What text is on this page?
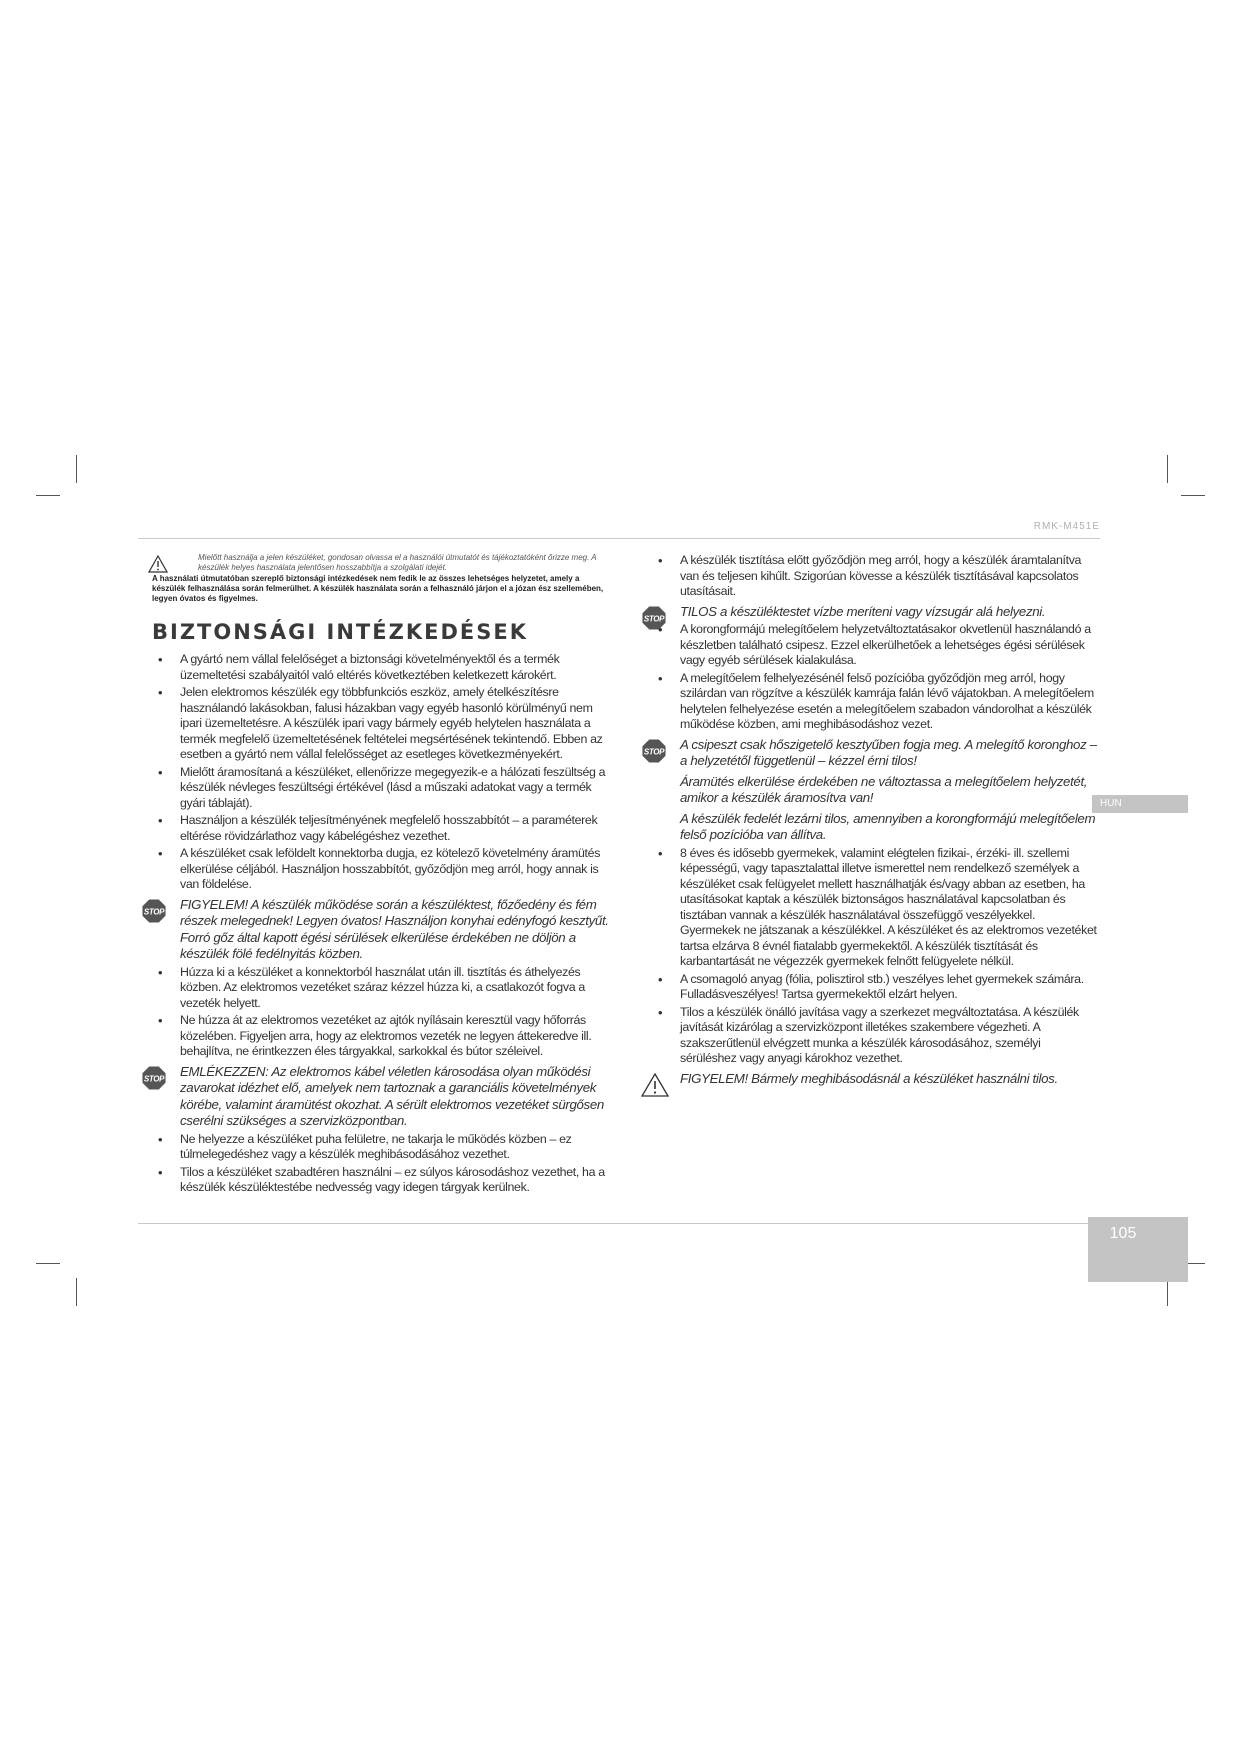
RMK-M451E
HUN
105
Mielőtt használja a jelen készüléket, gondosan olvassa el a használói útmutatót és tájékoztatóként őrizze meg. A készülék helyes használata jelentősen hosszabbítja a szolgálati idejét.
A használati útmutatóban szereplő biztonsági intézkedések nem fedik le az összes lehetséges helyzetet, amely a készülék felhasználása során felmerülhet. A készülék használata során a felhasználó járjon el a józan ész szellemében, legyen óvatos és figyelmes.
BIZTONSÁGI INTÉZKEDÉSEK
• A gyártó nem vállal felelőséget a biztonsági követelményektől és a termék üzemeltetési szabályaitól való eltérés következtében keletkezett károkért.
• Jelen elektromos készülék egy többfunkciós eszköz, amely ételkészítésre használandó lakásokban, falusi házakban vagy egyéb hasonló körülményű nem ipari üzemeltetésre. A készülék ipari vagy bármely egyéb helytelen használata a termék megfelelő üzemeltetésének feltételei megsértésének tekintendő. Ebben az esetben a gyártó nem vállal felelősséget az esetleges következményekért.
• Mielőtt áramosítaná a készüléket, ellenőrizze megegyezik-e a hálózati feszültség a készülék névleges feszültségi értékével (lásd a műszaki adatokat vagy a termék gyári táblaját).
• Használjon a készülék teljesítményének megfelelő hosszabbítót – a paraméterek eltérése rövidzárlathoz vagy kábelégéshez vezethet.
• A készüléket csak leföldelt konnektorba dugja, ez kötelező követelmény áramütés elkerülése céljából. Használjon hosszabbítót, győződjön meg arról, hogy annak is van földelése.
STOP FIGYELEM! A készülék működése során a készüléktest, főzőedény és fém részek melegednek! Legyen óvatos! Használjon konyhai edényfogó kesztyűt. Forró gőz által kapott égési sérülések elkerülése érdekében ne döljön a készülék fölé fedélnyitás közben.
• Húzza ki a készüléket a konnektorból használat után ill. tisztítás és áthelyezés közben. Az elektromos vezetéket száraz kézzel húzza ki, a csatlakozót fogva a vezeték helyett.
• Ne húzza át az elektromos vezetéket az ajtók nyílásain keresztül vagy hőforrás közelében. Figyeljen arra, hogy az elektromos vezeték ne legyen áttekeredve ill. behajlítva, ne érintkezzen éles tárgyakkal, sarkokkal és bútor széleivel.
STOP EMLÉKEZZEN: Az elektromos kábel véletlen károsodása olyan működési zavarokat idézhet elő, amelyek nem tartoznak a garanciális követelmények körébe, valamint áramütést okozhat. A sérült elektromos vezetéket sürgősen cserélni szükséges a szervizközpontban.
• Ne helyezze a készüléket puha felületre, ne takarja le működés közben – ez túlmelegedéshez vagy a készülék meghibásodásához vezethet.
• Tilos a készüléket szabadtéren használni – ez súlyos károsodáshoz vezethet, ha a készülék készüléktestébe nedvesség vagy idegen tárgyak kerülnek.
• A készülék tisztítása előtt győződjön meg arról, hogy a készülék áramtalanítva van és teljesen kihűlt. Szigorúan kövesse a készülék tisztításával kapcsolatos utasításait.
STOP TILOS a készüléktestet vízbe meríteni vagy vízsugár alá helyezni.
• A korongformájú melegítőelem helyzetváltoztatásakor okvetlenül használandó a készletben található csipesz. Ezzel elkerülhetőek a lehetséges égési sérülések vagy egyéb sérülések kialakulása.
• A melegítőelem felhelyezésénél felső pozícióba győződjön meg arról, hogy szilárdan van rögzítve a készülék kamrája falán lévő vájatokban. A melegítőelem helytelen felhelyezése esetén a melegítőelem szabadon vándorolhat a készülék működése közben, ami meghibásodáshoz vezet.
STOP A csipeszt csak hőszigetelő kesztyűben fogja meg. A melegítő koronghoz – a helyzetétől függetlenül – kézzel érni tilos!
Áramütés elkerülése érdekében ne változtassa a melegítőelem helyzetét, amikor a készülék áramosítva van!
A készülék fedelét lezárni tilos, amennyiben a korongformájú melegítőelem felső pozícióba van állítva.
• 8 éves és idősebb gyermekek, valamint elégtelen fizikai-, érzéki- ill. szellemi képességű, vagy tapasztalattal illetve ismerettel nem rendelkező személyek a készüléket csak felügyelet mellett használhatják és/vagy abban az esetben, ha utasításokat kaptak a készülék biztonságos használatával kapcsolatban és tisztában vannak a készülék használatával összefüggő veszélyekkel. Gyermekek ne játszanak a készülékkel. A készüléket és az elektromos vezetéket tartsa elzárva 8 évnél fiatalabb gyermekektől. A készülék tisztítását és karbantartását ne végezzék gyermekek felnőtt felügyelete nélkül.
• A csomagoló anyag (fólia, polisztirol stb.) veszélyes lehet gyermekek számára. Fulladásveszélyes! Tartsa gyermekektől elzárt helyen.
• Tilos a készülék önálló javítása vagy a szerkezet megváltoztatása. A készülék javítását kizárólag a szervizközpont illetékes szakembere végezheti. A szakszerűtlenül elvégzett munka a készülék károsodásához, személyi sérüléshez vagy anyagi károkhoz vezethet.
FIGYELEM! Bármely meghibásodásnál a készüléket használni tilos.
